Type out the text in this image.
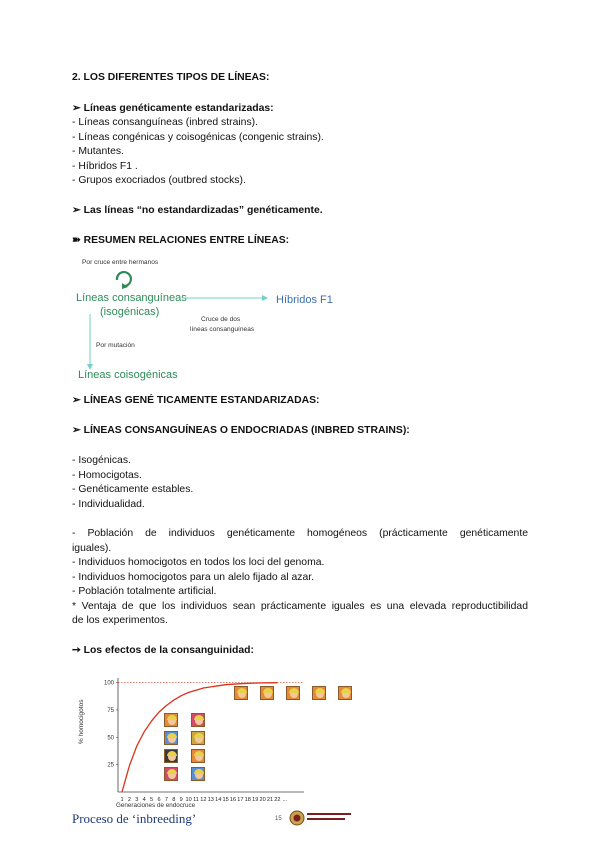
2. LOS DIFERENTES TIPOS DE LÍNEAS:
➢ Líneas genéticamente estandarizadas:
- Líneas consanguíneas (inbred strains).
- Líneas congénicas y coisogénicas (congenic strains).
- Mutantes.
- Híbridos F1 .
- Grupos exocriados (outbred stocks).
➢ Las líneas “no estandardizadas” genéticamente.
➽ RESUMEN RELACIONES ENTRE LÍNEAS:
Por cruce entre hermanos
Líneas consanguíneas
(isogénicas)
Híbridos F1
Cruce de dos
líneas consanguíneas
Por mutación
Líneas coisogénicas
➢ LÍNEAS GENÉ TICAMENTE ESTANDARIZADAS:
➢ LÍNEAS CONSANGUÍNEAS O ENDOCRIADAS (INBRED STRAINS):
- Isogénicas.
- Homocigotas.
- Genéticamente estables.
- Individualidad.
- Población de individuos genéticamente homogéneos (prácticamente genéticamente
iguales).
- Individuos homocigotos en todos los loci del genoma.
- Individuos homocigotos para un alelo fijado al azar.
- Población totalmente artificial.
* Ventaja de que los individuos sean prácticamente iguales es una elevada reproductibilidad
de los experimentos.
➙ Los efectos de la consanguinidad:
% homocigotos
25
50
75
100
1 2 3 4 5 6 7 8 9 10 11 12 13 14 15 16 17 18 19 20 21 22 ...
Generaciones de endocruce
Proceso de ‘inbreeding’	15
